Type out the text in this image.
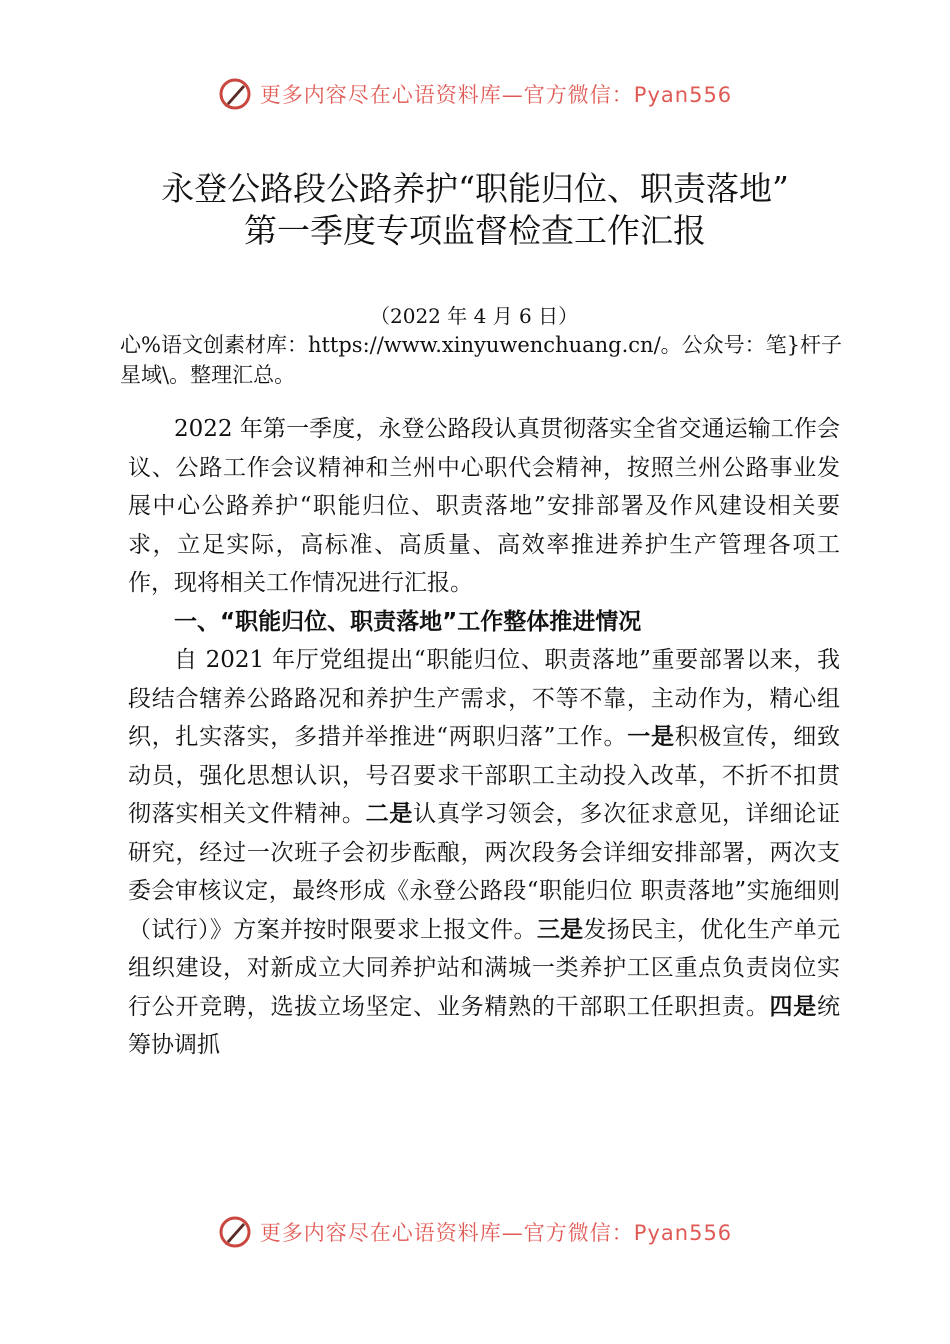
更多内容尽在心语资料库—官方微信：Pyan556
永登公路段公路养护“职能归位、职责落地”
第一季度专项监督检查工作汇报
（2022 年 4 月 6 日）
心%语文创素材库：https://www.xinyuwenchuang.cn/。公众号：笔}杆子星域\。整理汇总。

2022 年第一季度，永登公路段认真贯彻落实全省交通运输工作会议、公路工作会议精神和兰州中心职代会精神，按照兰州公路事业发展中心公路养护“职能归位、职责落地”安排部署及作风建设相关要求，立足实际，高标准、高质量、高效率推进养护生产管理各项工作，现将相关工作情况进行汇报。

一、“职能归位、职责落地”工作整体推进情况

自 2021 年厅党组提出“职能归位、职责落地”重要部署以来，我段结合辖养公路路况和养护生产需求，不等不靠，主动作为，精心组织，扎实落实，多措并举推进“两职归落”工作。一是积极宣传，细致动员，强化思想认识，号召要求干部职工主动投入改革，不折不扣贯彻落实相关文件精神。二是认真学习领会，多次征求意见，详细论证研究，经过一次班子会初步酝酿，两次段务会详细安排部署，两次支委会审核议定，最终形成《永登公路段“职能归位 职责落地”实施细则（试行）》方案并按时限要求上报文件。三是发扬民主，优化生产单元组织建设，对新成立大同养护站和满城一类养护工区重点负责岗位实行公开竞聘，选拔立场坚定、业务精熟的干部职工任职担责。四是统筹协调抓

更多内容尽在心语资料库—官方微信：Pyan556
